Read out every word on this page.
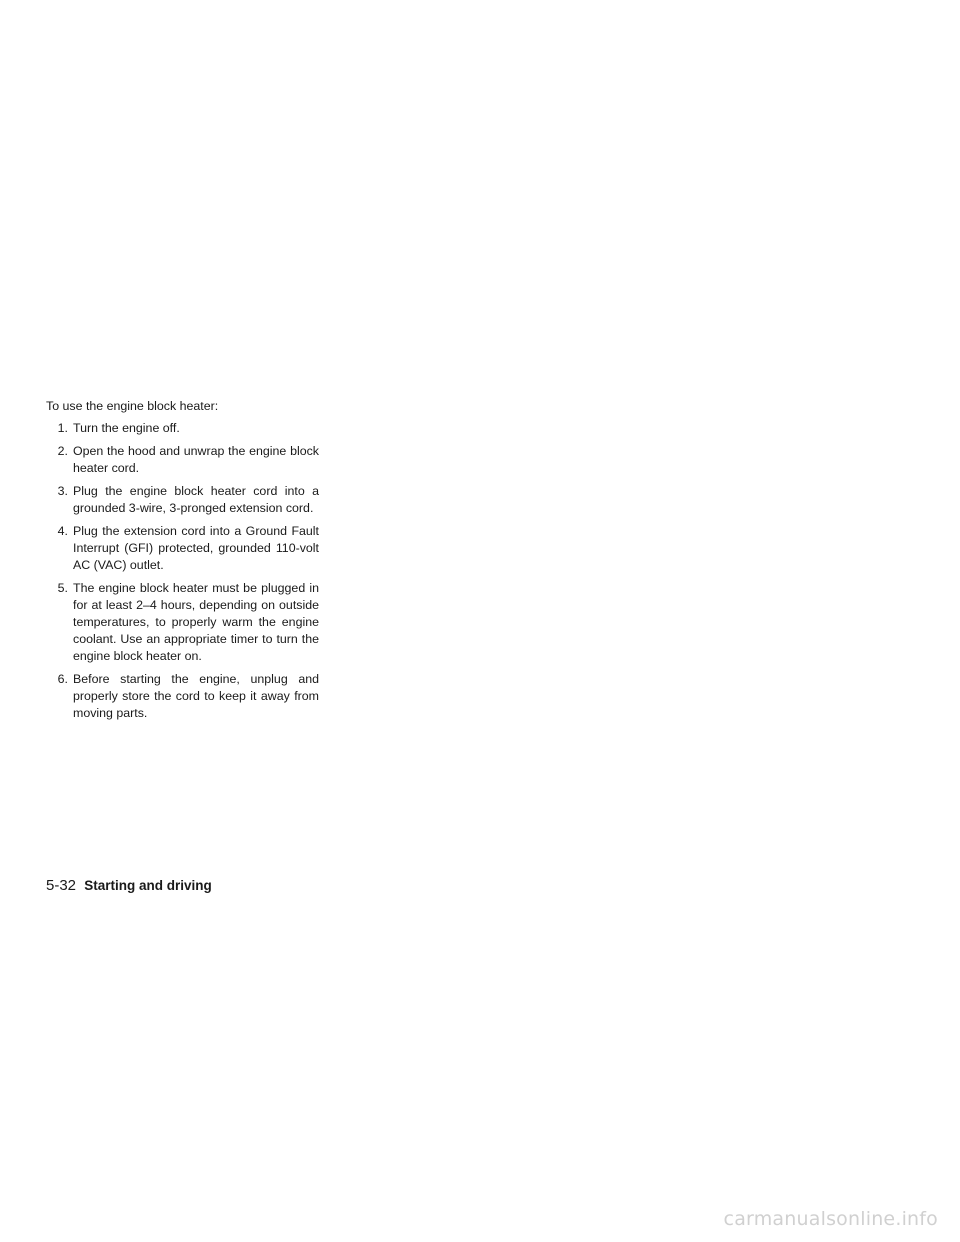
To use the engine block heater:

1. Turn the engine off.
2. Open the hood and unwrap the engine block heater cord.
3. Plug the engine block heater cord into a grounded 3-wire, 3-pronged extension cord.
4. Plug the extension cord into a Ground Fault Interrupt (GFI) protected, grounded 110-volt AC (VAC) outlet.
5. The engine block heater must be plugged in for at least 2–4 hours, depending on outside temperatures, to properly warm the engine coolant. Use an appropriate timer to turn the engine block heater on.
6. Before starting the engine, unplug and properly store the cord to keep it away from moving parts.
5-32 Starting and driving
carmanualsonline.info
